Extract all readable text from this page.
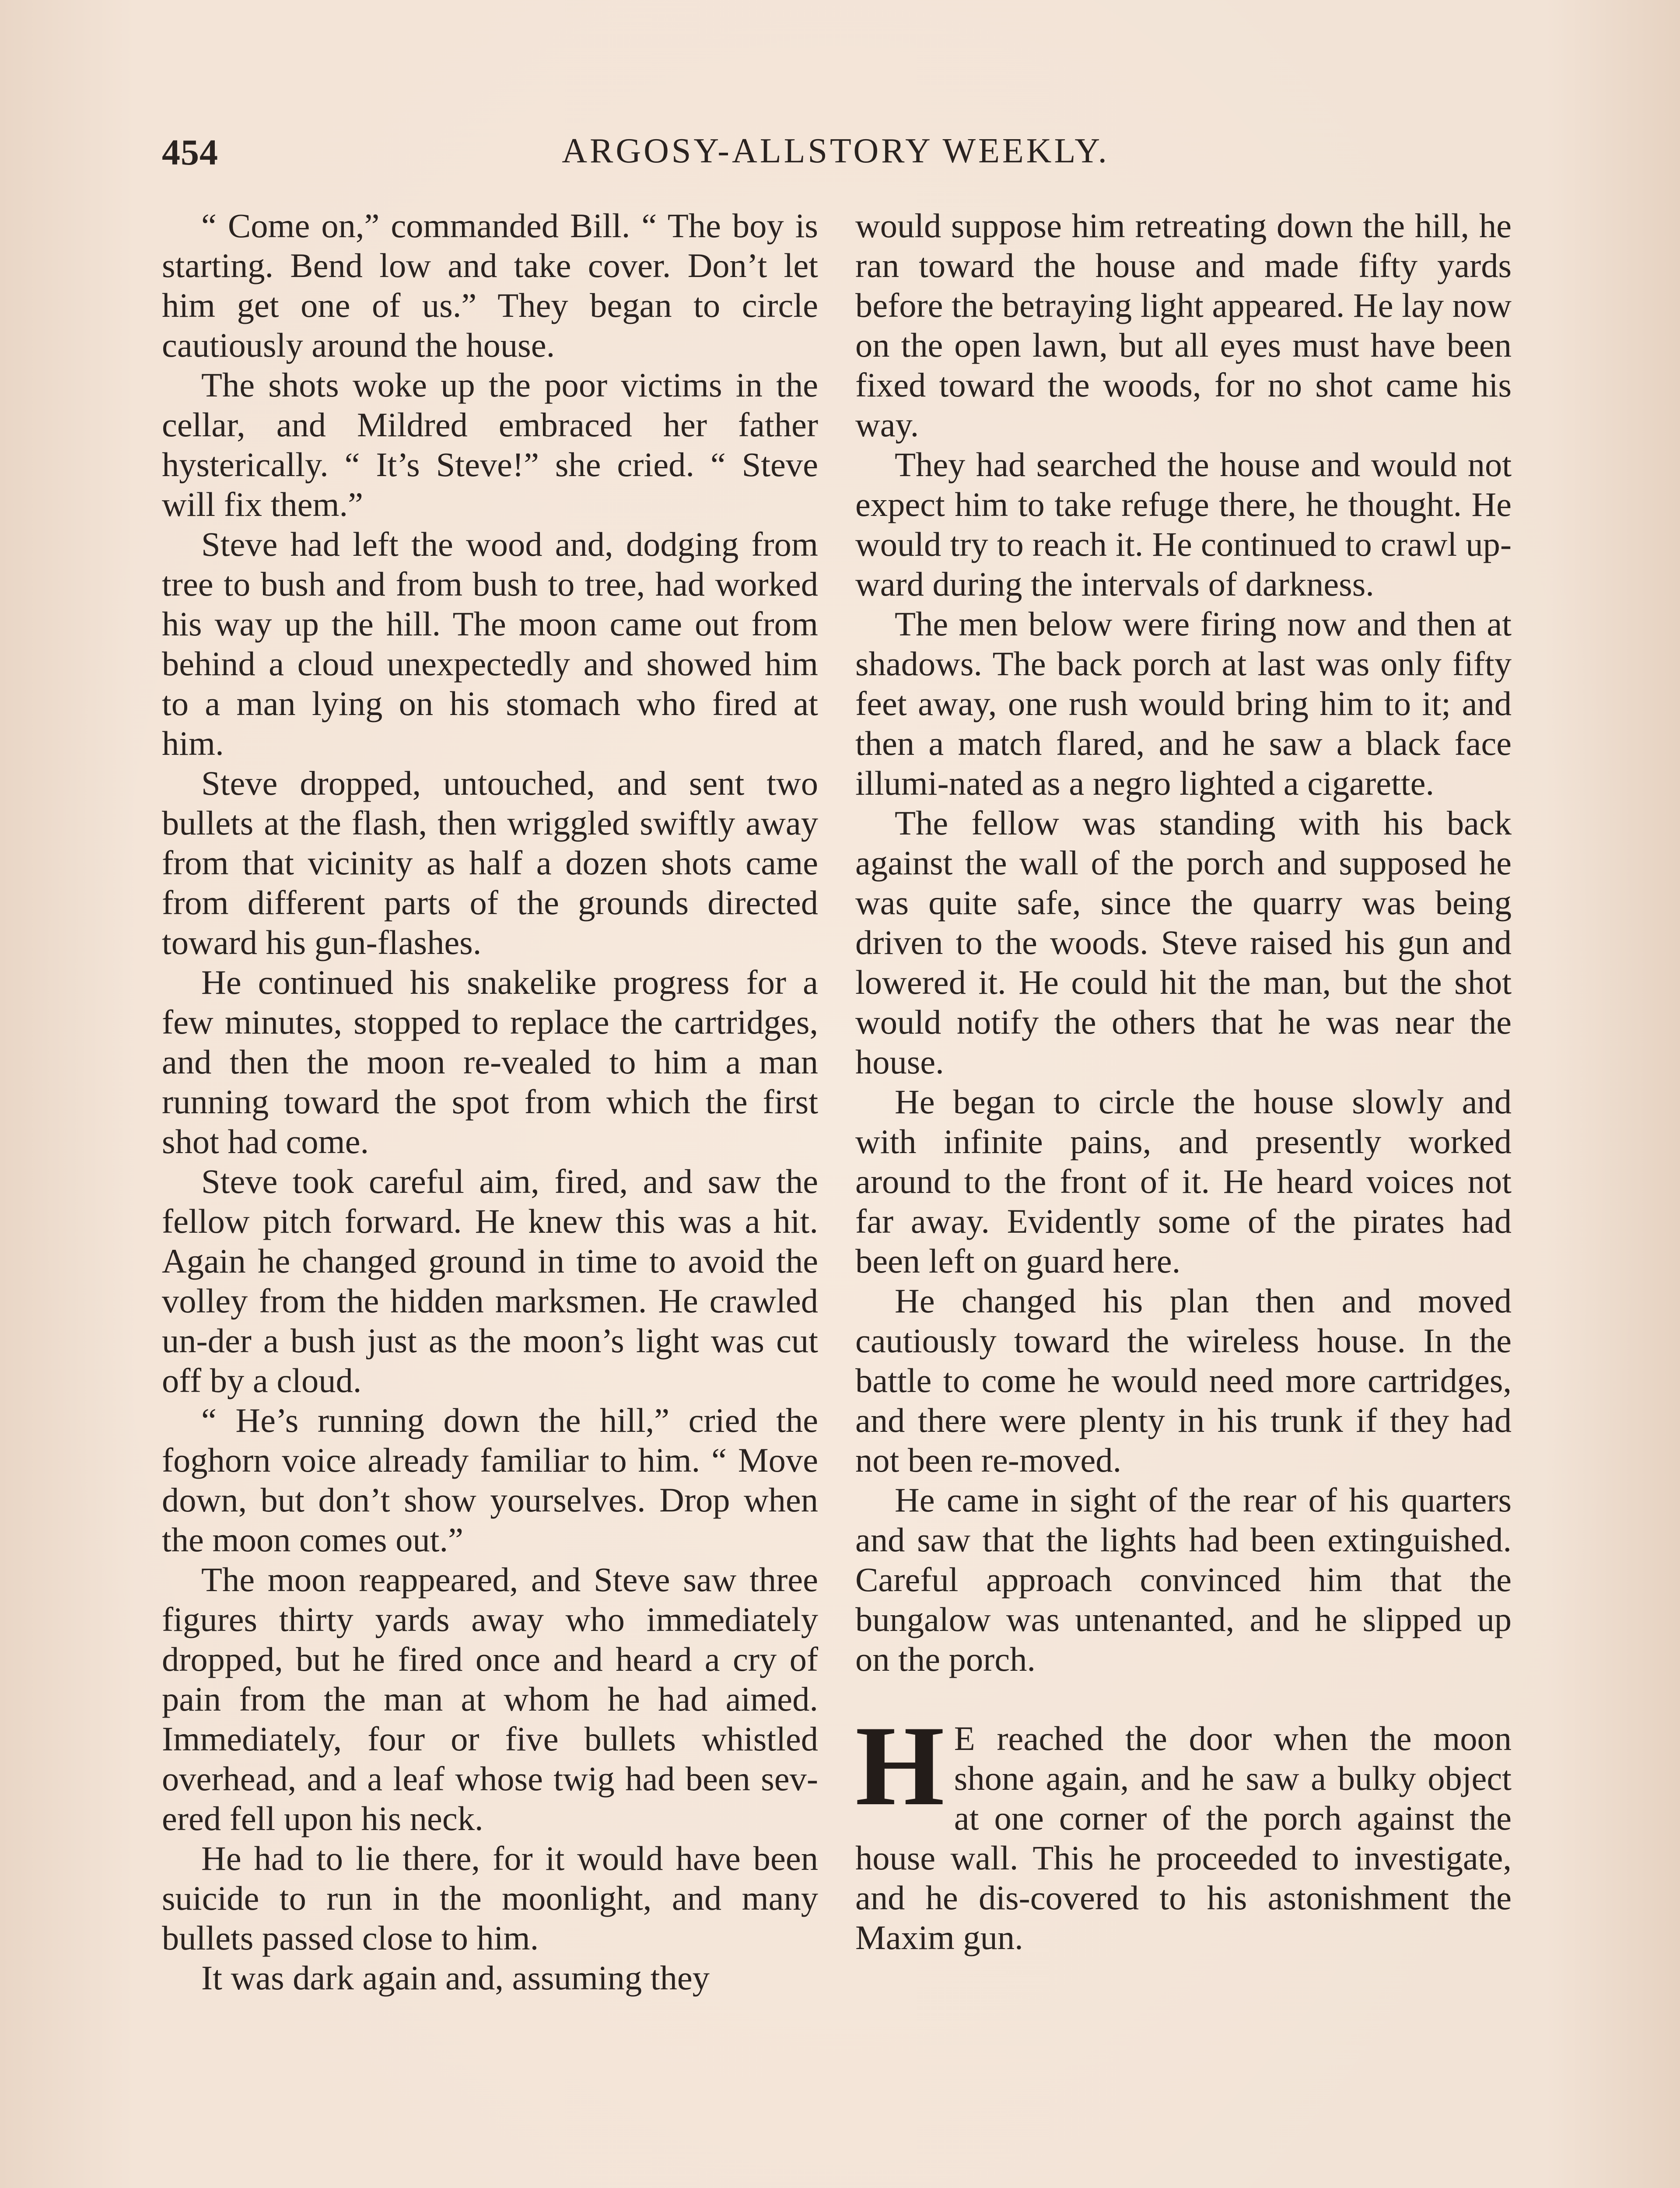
454	ARGOSY-ALLSTORY WEEKLY.

“ Come on,” commanded Bill. “ The boy is starting. Bend low and take cover. Don’t let him get one of us.” They began to circle cautiously around the house.

The shots woke up the poor victims in the cellar, and Mildred embraced her father hysterically. “ It’s Steve!” she cried. “ Steve will fix them.”

Steve had left the wood and, dodging from tree to bush and from bush to tree, had worked his way up the hill. The moon came out from behind a cloud unexpectedly and showed him to a man lying on his stomach who fired at him.

Steve dropped, untouched, and sent two bullets at the flash, then wriggled swiftly away from that vicinity as half a dozen shots came from different parts of the grounds directed toward his gun-flashes.

He continued his snakelike progress for a few minutes, stopped to replace the cartridges, and then the moon re-vealed to him a man running toward the spot from which the first shot had come.

Steve took careful aim, fired, and saw the fellow pitch forward. He knew this was a hit. Again he changed ground in time to avoid the volley from the hidden marksmen. He crawled un-der a bush just as the moon’s light was cut off by a cloud.

“ He’s running down the hill,” cried the foghorn voice already familiar to him. “ Move down, but don’t show yourselves. Drop when the moon comes out.”

The moon reappeared, and Steve saw three figures thirty yards away who immediately dropped, but he fired once and heard a cry of pain from the man at whom he had aimed. Immediately, four or five bullets whistled overhead, and a leaf whose twig had been sev-ered fell upon his neck.

He had to lie there, for it would have been suicide to run in the moonlight, and many bullets passed close to him.

It was dark again and, assuming they

would suppose him retreating down the hill, he ran toward the house and made fifty yards before the betraying light appeared. He lay now on the open lawn, but all eyes must have been fixed toward the woods, for no shot came his way.

They had searched the house and would not expect him to take refuge there, he thought. He would try to reach it. He continued to crawl up-ward during the intervals of darkness.

The men below were firing now and then at shadows. The back porch at last was only fifty feet away, one rush would bring him to it; and then a match flared, and he saw a black face illumi-nated as a negro lighted a cigarette.

The fellow was standing with his back against the wall of the porch and supposed he was quite safe, since the quarry was being driven to the woods. Steve raised his gun and lowered it. He could hit the man, but the shot would notify the others that he was near the house.

He began to circle the house slowly and with infinite pains, and presently worked around to the front of it. He heard voices not far away. Evidently some of the pirates had been left on guard here.

He changed his plan then and moved cautiously toward the wireless house. In the battle to come he would need more cartridges, and there were plenty in his trunk if they had not been re-moved.

He came in sight of the rear of his quarters and saw that the lights had been extinguished. Careful approach convinced him that the bungalow was untenanted, and he slipped up on the porch.

H E reached the door when the moon shone again, and he saw a bulky object at one corner of the porch against the house wall. This he proceeded to investigate, and he dis-covered to his astonishment the Maxim gun.
